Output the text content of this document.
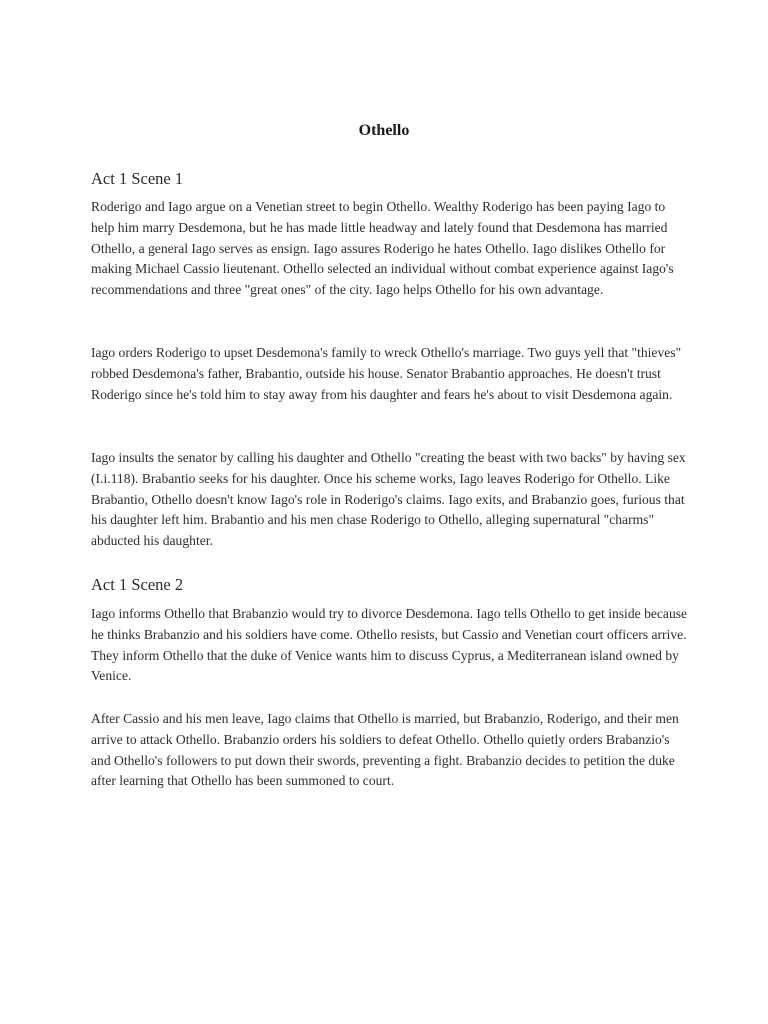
Othello
Act 1 Scene 1

Roderigo and Iago argue on a Venetian street to begin Othello. Wealthy Roderigo has been paying Iago to help him marry Desdemona, but he has made little headway and lately found that Desdemona has married Othello, a general Iago serves as ensign. Iago assures Roderigo he hates Othello. Iago dislikes Othello for making Michael Cassio lieutenant. Othello selected an individual without combat experience against Iago's recommendations and three "great ones" of the city. Iago helps Othello for his own advantage.

Iago orders Roderigo to upset Desdemona's family to wreck Othello's marriage. Two guys yell that "thieves" robbed Desdemona's father, Brabantio, outside his house. Senator Brabantio approaches. He doesn't trust Roderigo since he's told him to stay away from his daughter and fears he's about to visit Desdemona again.

Iago insults the senator by calling his daughter and Othello "creating the beast with two backs" by having sex (I.i.118). Brabantio seeks for his daughter. Once his scheme works, Iago leaves Roderigo for Othello. Like Brabantio, Othello doesn't know Iago's role in Roderigo's claims. Iago exits, and Brabanzio goes, furious that his daughter left him. Brabantio and his men chase Roderigo to Othello, alleging supernatural "charms" abducted his daughter.

Act 1 Scene 2

Iago informs Othello that Brabanzio would try to divorce Desdemona. Iago tells Othello to get inside because he thinks Brabanzio and his soldiers have come. Othello resists, but Cassio and Venetian court officers arrive. They inform Othello that the duke of Venice wants him to discuss Cyprus, a Mediterranean island owned by Venice.

After Cassio and his men leave, Iago claims that Othello is married, but Brabanzio, Roderigo, and their men arrive to attack Othello. Brabanzio orders his soldiers to defeat Othello. Othello quietly orders Brabanzio's and Othello's followers to put down their swords, preventing a fight. Brabanzio decides to petition the duke after learning that Othello has been summoned to court.
